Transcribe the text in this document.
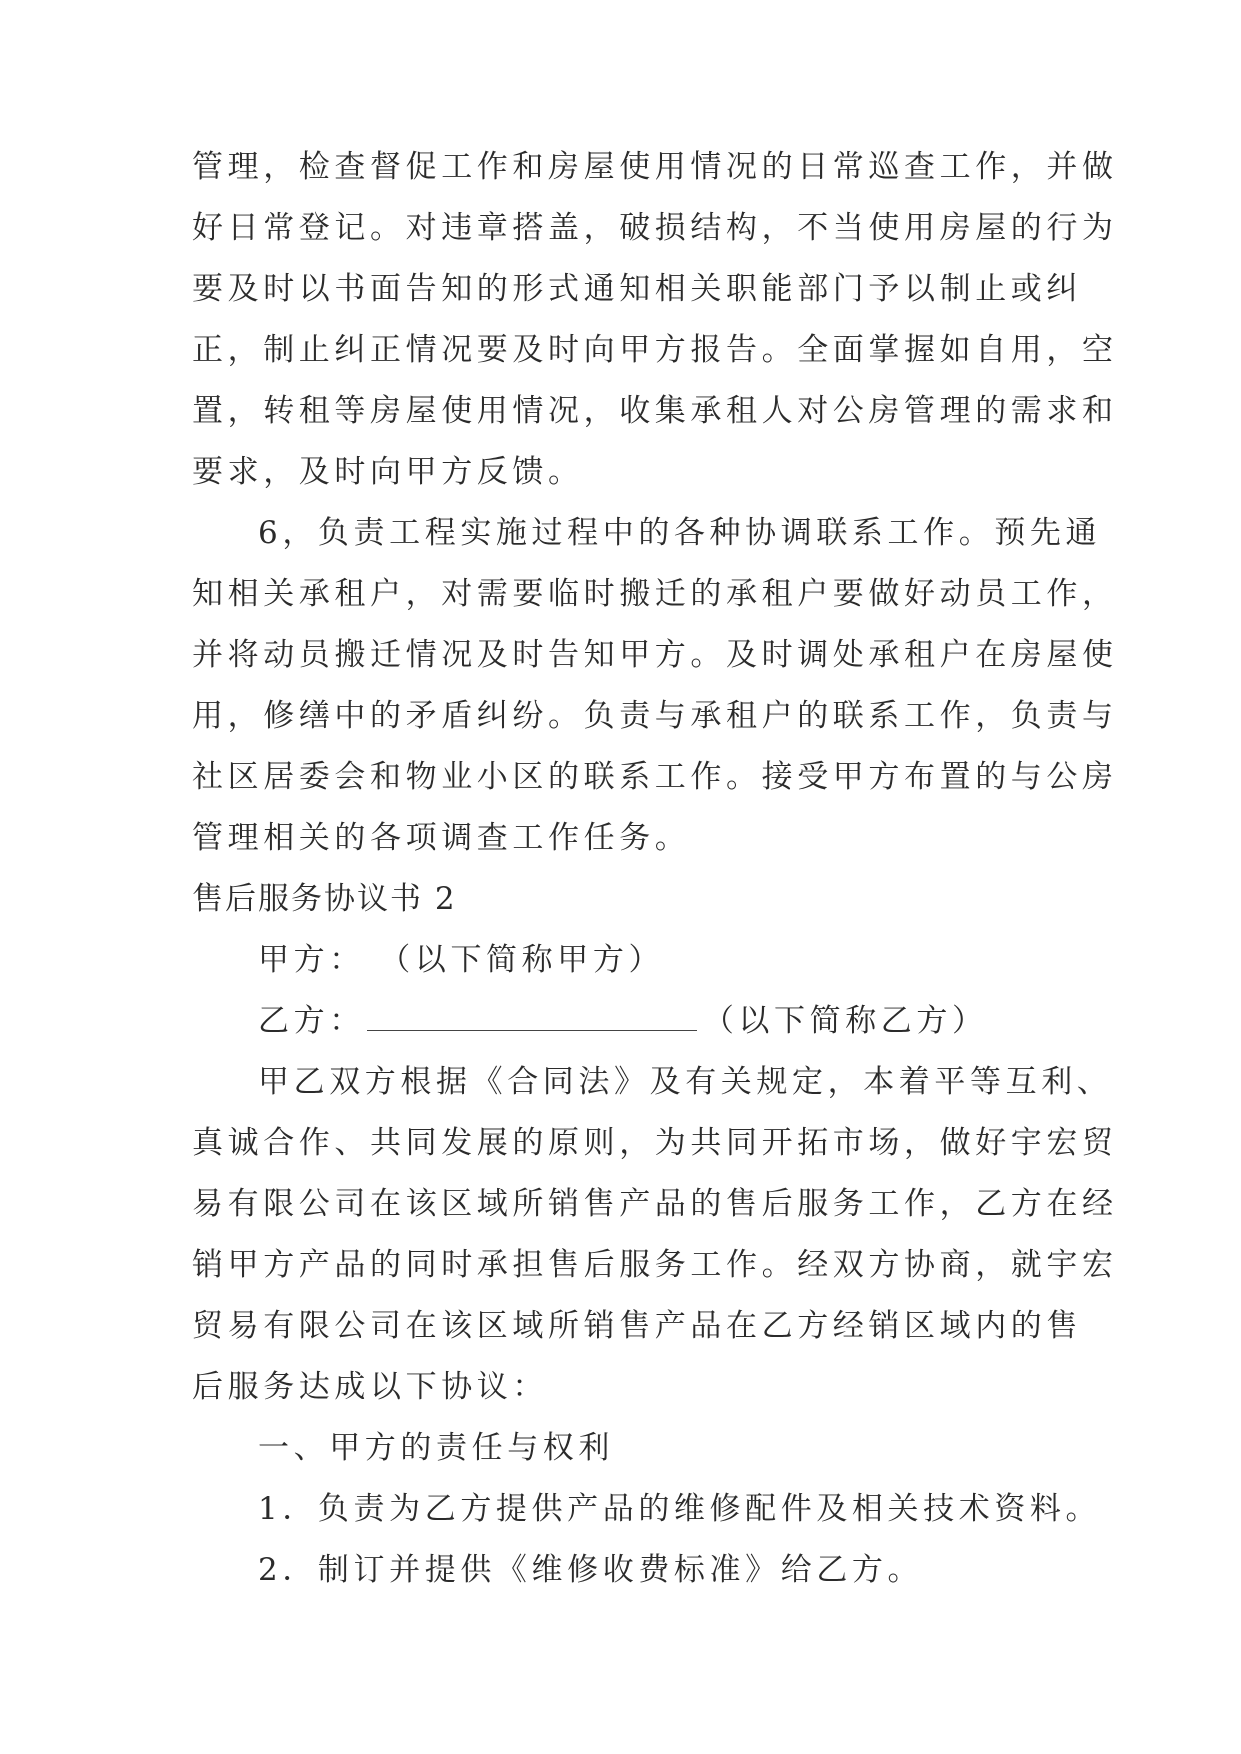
管理，检查督促工作和房屋使用情况的日常巡查工作，并做
好日常登记。对违章搭盖，破损结构，不当使用房屋的行为
要及时以书面告知的形式通知相关职能部门予以制止或纠
正，制止纠正情况要及时向甲方报告。全面掌握如自用，空
置，转租等房屋使用情况，收集承租人对公房管理的需求和
要求，及时向甲方反馈。
6，负责工程实施过程中的各种协调联系工作。预先通
知相关承租户，对需要临时搬迁的承租户要做好动员工作，
并将动员搬迁情况及时告知甲方。及时调处承租户在房屋使
用，修缮中的矛盾纠纷。负责与承租户的联系工作，负责与
社区居委会和物业小区的联系工作。接受甲方布置的与公房
管理相关的各项调查工作任务。
售后服务协议书 2
甲方： （以下简称甲方）
乙方：	（以下简称乙方）
甲乙双方根据《合同法》及有关规定，本着平等互利、
真诚合作、共同发展的原则，为共同开拓市场，做好宇宏贸
易有限公司在该区域所销售产品的售后服务工作，乙方在经
销甲方产品的同时承担售后服务工作。经双方协商，就宇宏
贸易有限公司在该区域所销售产品在乙方经销区域内的售
后服务达成以下协议：
一、甲方的责任与权利
1．负责为乙方提供产品的维修配件及相关技术资料。
2．制订并提供《维修收费标准》给乙方。
